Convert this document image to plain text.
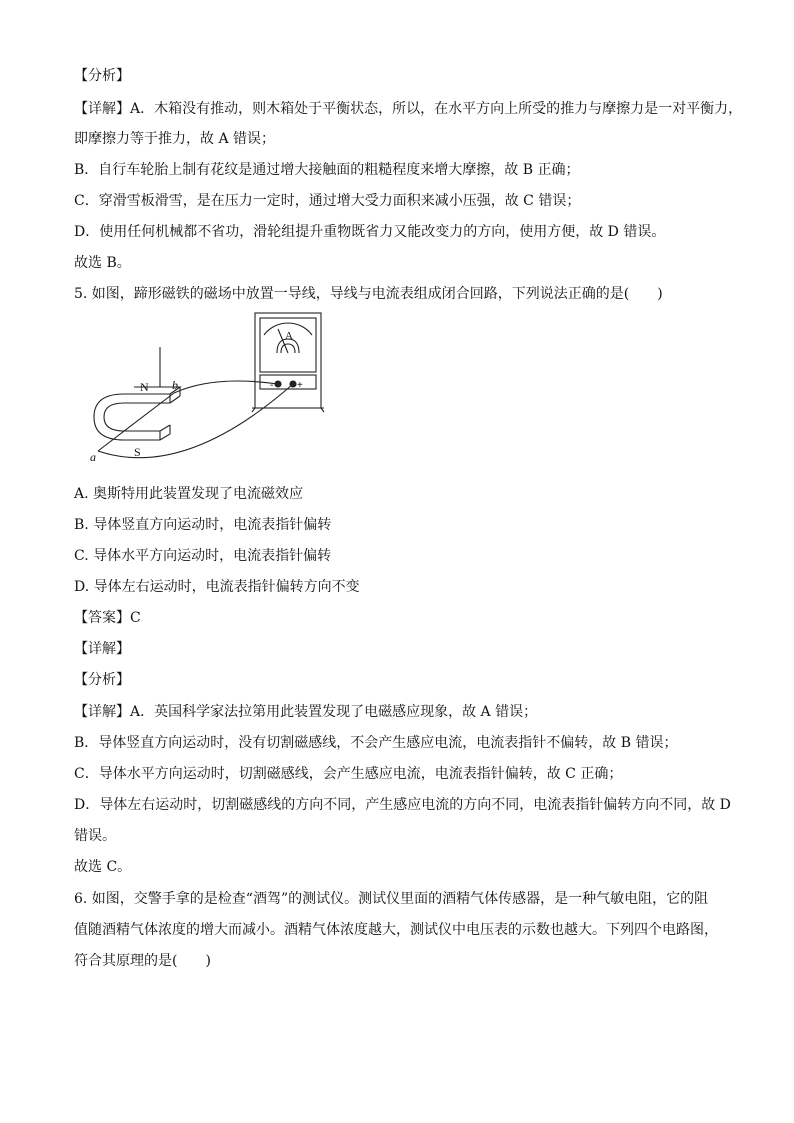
【分析】
【详解】A．木箱没有推动，则木箱处于平衡状态，所以，在水平方向上所受的推力与摩擦力是一对平衡力，
即摩擦力等于推力，故 A 错误；
B．自行车轮胎上制有花纹是通过增大接触面的粗糙程度来增大摩擦，故 B 正确；
C．穿滑雪板滑雪，是在压力一定时，通过增大受力面积来减小压强，故 C 错误；
D．使用任何机械都不省功，滑轮组提升重物既省力又能改变力的方向，使用方便，故 D 错误。
故选 B。
5. 如图，蹄形磁铁的磁场中放置一导线，导线与电流表组成闭合回路，下列说法正确的是(　　)
A
- +
N
S
a
b
A. 奥斯特用此装置发现了电流磁效应
B. 导体竖直方向运动时，电流表指针偏转
C. 导体水平方向运动时，电流表指针偏转
D. 导体左右运动时，电流表指针偏转方向不变
【答案】C
【详解】
【分析】
【详解】A．英国科学家法拉第用此装置发现了电磁感应现象，故 A 错误；
B．导体竖直方向运动时，没有切割磁感线，不会产生感应电流，电流表指针不偏转，故 B 错误；
C．导体水平方向运动时，切割磁感线，会产生感应电流，电流表指针偏转，故 C 正确；
D．导体左右运动时，切割磁感线的方向不同，产生感应电流的方向不同，电流表指针偏转方向不同，故 D
错误。
故选 C。
6. 如图，交警手拿的是检查“酒驾”的测试仪。测试仪里面的酒精气体传感器，是一种气敏电阻，它的阻
值随酒精气体浓度的增大而减小。酒精气体浓度越大，测试仪中电压表的示数也越大。下列四个电路图，
符合其原理的是(　　)
